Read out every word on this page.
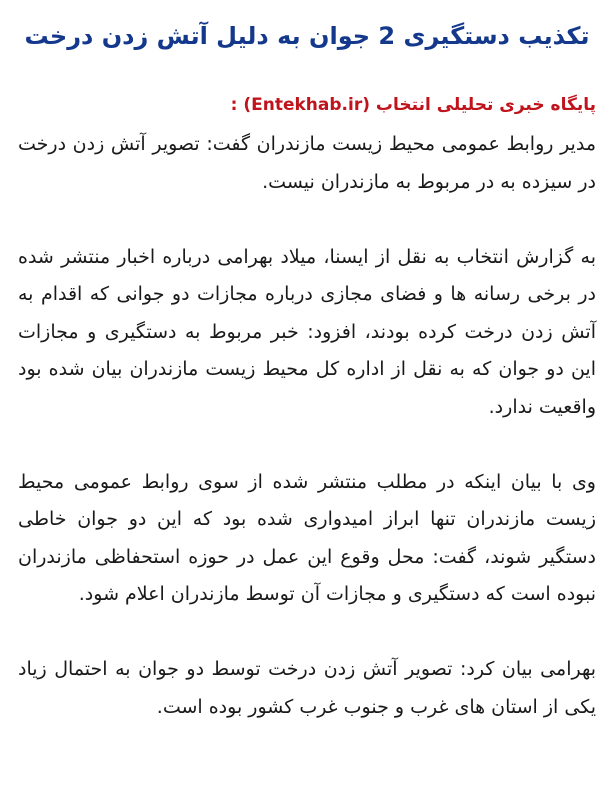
تکذیب دستگیری 2 جوان به دلیل آتش زدن درخت

پایگاه خبری تحلیلی انتخاب (Entekhab.ir) :

مدیر روابط عمومی محیط زیست مازندران گفت: تصویر آتش زدن درخت در سیزده به در مربوط به مازندران نیست.

به گزارش انتخاب به نقل از ایسنا، میلاد بهرامی درباره اخبار منتشر شده در برخی رسانه ها و فضای مجازی درباره مجازات دو جوانی که اقدام به آتش زدن درخت کرده بودند، افزود: خبر مربوط به دستگیری و مجازات این دو جوان که به نقل از اداره کل محیط زیست مازندران بیان شده بود واقعیت ندارد.

وی با بیان اینکه در مطلب منتشر شده از سوی روابط عمومی محیط زیست مازندران تنها ابراز امیدواری شده بود که این دو جوان خاطی دستگیر شوند، گفت: محل وقوع این عمل در حوزه استحفاظی مازندران نبوده است که دستگیری و مجازات آن توسط مازندران اعلام شود.

بهرامی بیان کرد: تصویر آتش زدن درخت توسط دو جوان به احتمال زیاد یکی از استان های غرب و جنوب غرب کشور بوده است.
